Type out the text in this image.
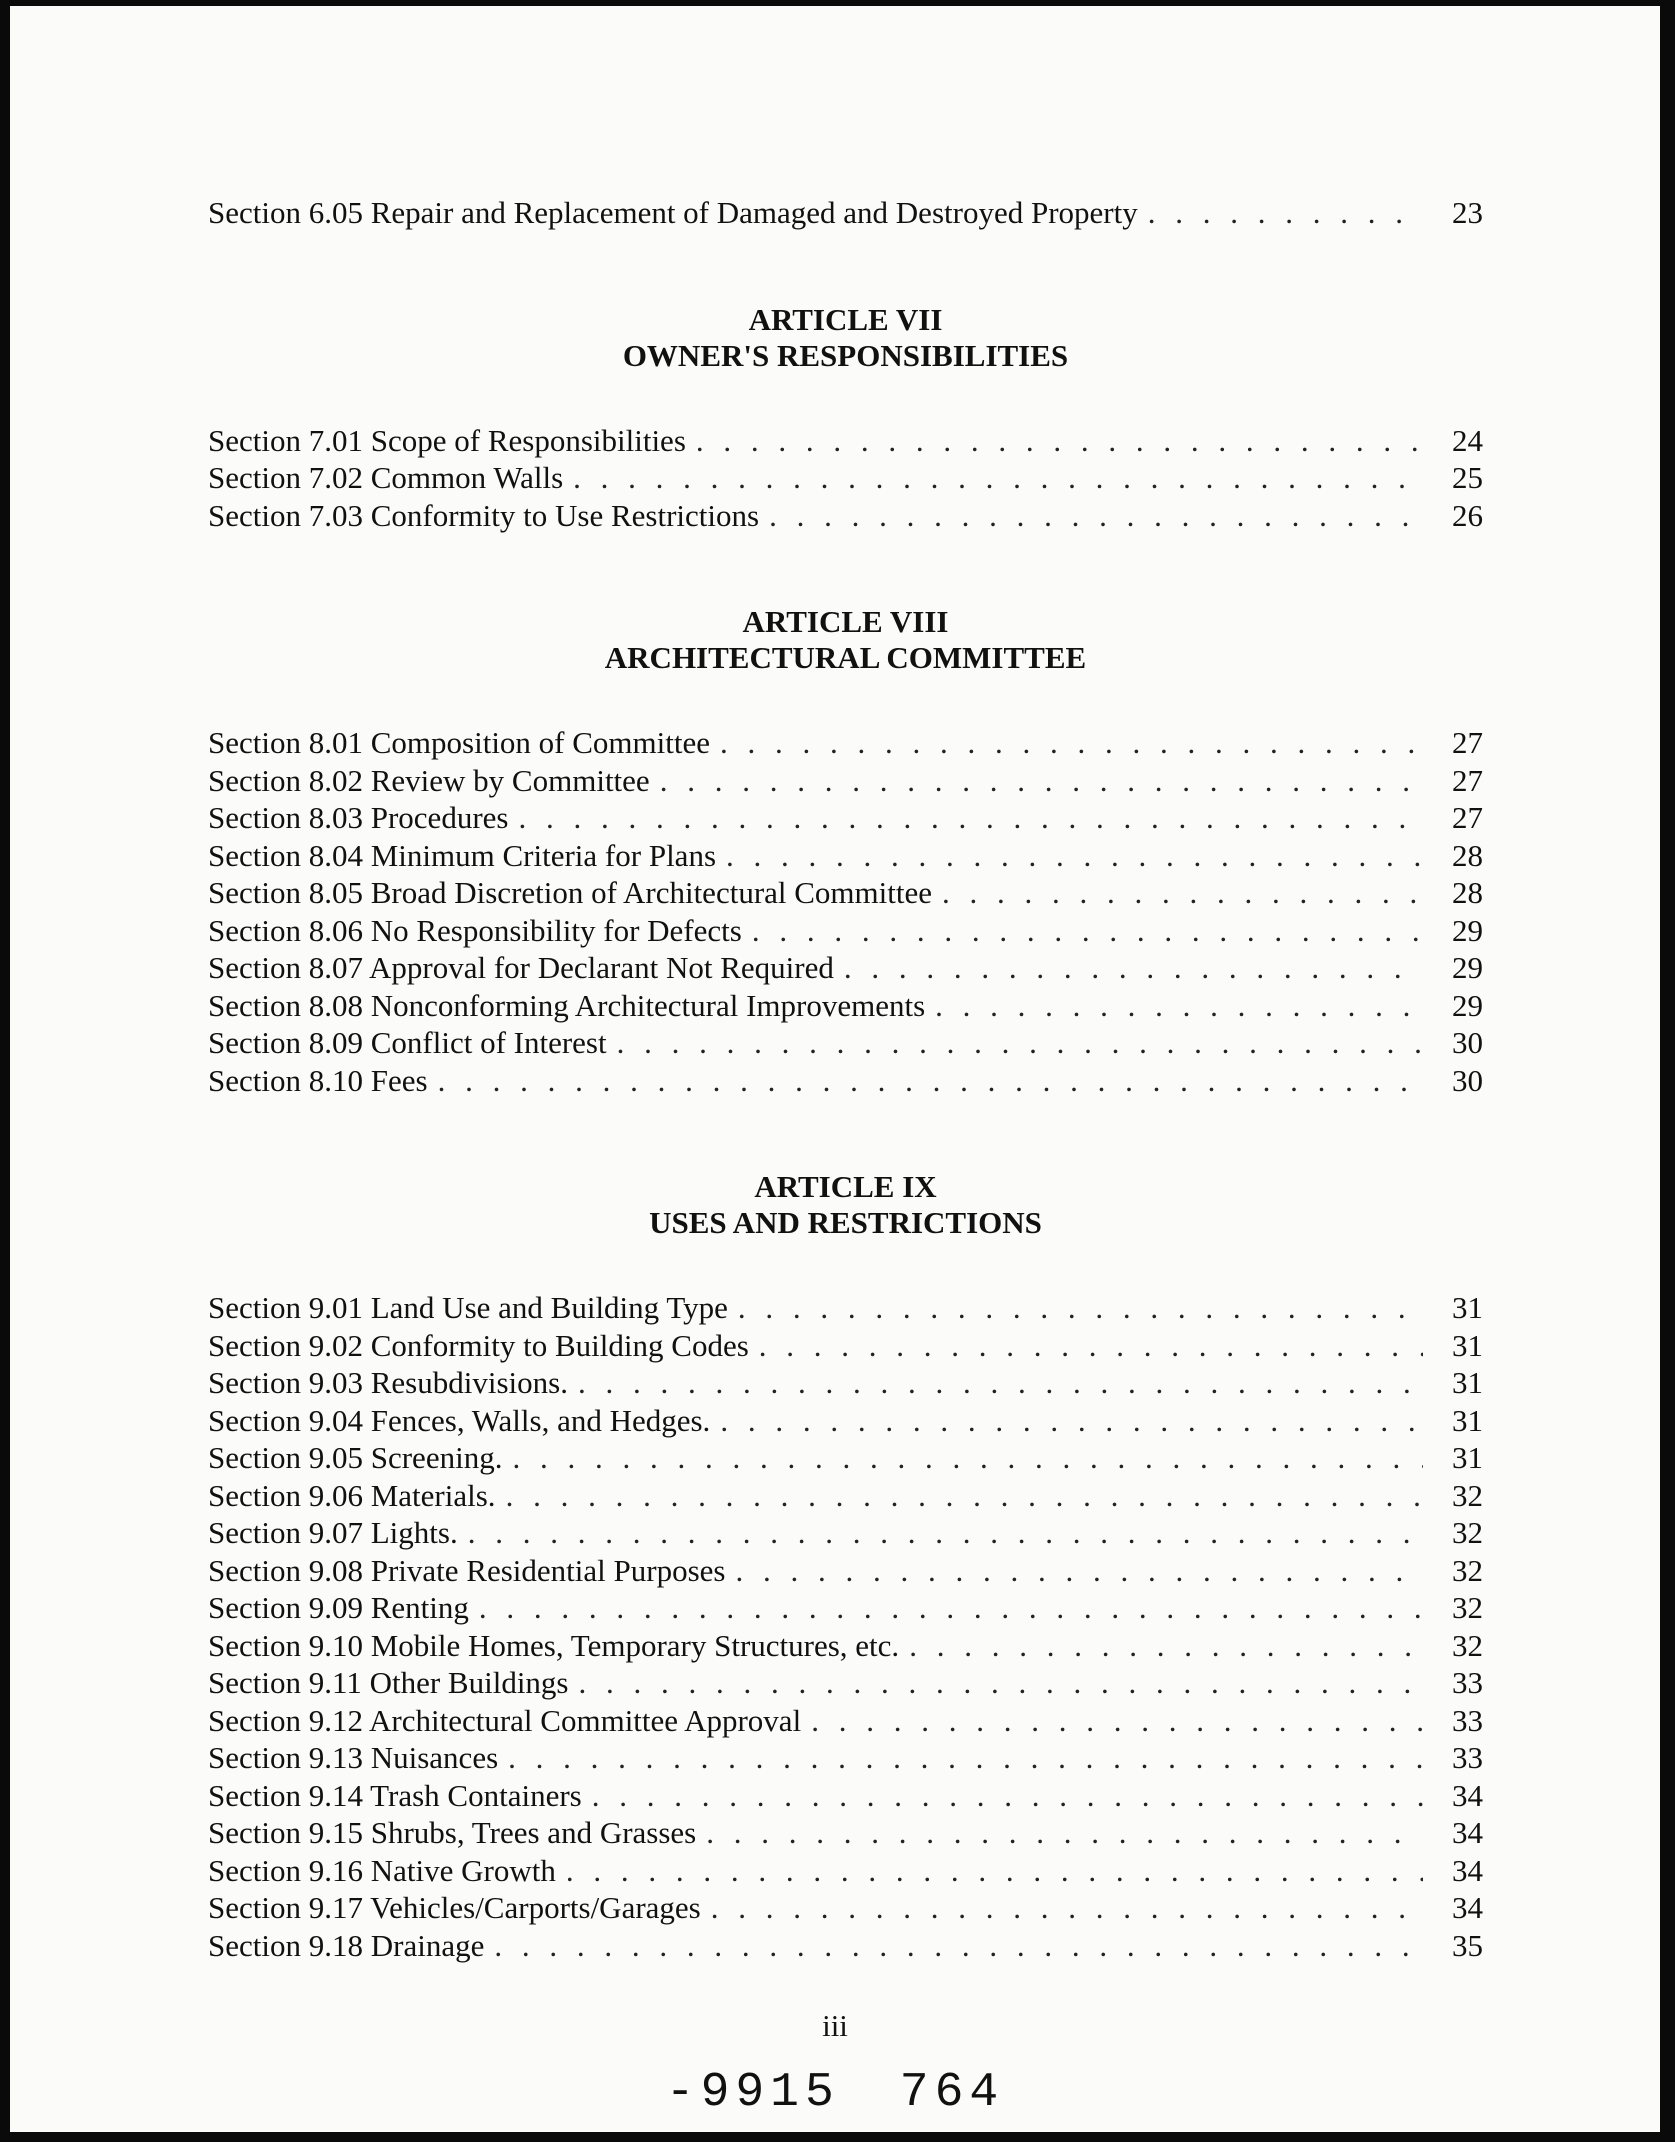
Section 6.05 Repair and Replacement of Damaged and Destroyed Property . . .	23
ARTICLE VII
OWNER'S RESPONSIBILITIES
Section 7.01 Scope of Responsibilities . . .	24
Section 7.02 Common Walls . . .	25
Section 7.03 Conformity to Use Restrictions . . .	26
ARTICLE VIII
ARCHITECTURAL COMMITTEE
Section 8.01 Composition of Committee . . .	27
Section 8.02 Review by Committee . . .	27
Section 8.03 Procedures . . .	27
Section 8.04 Minimum Criteria for Plans . . .	28
Section 8.05 Broad Discretion of Architectural Committee . . .	28
Section 8.06 No Responsibility for Defects . . .	29
Section 8.07 Approval for Declarant Not Required . . .	29
Section 8.08 Nonconforming Architectural Improvements . . .	29
Section 8.09 Conflict of Interest . . .	30
Section 8.10 Fees . . .	30
ARTICLE IX
USES AND RESTRICTIONS
Section 9.01 Land Use and Building Type . . .	31
Section 9.02 Conformity to Building Codes . . .	31
Section 9.03 Resubdivisions. . . .	31
Section 9.04 Fences, Walls, and Hedges. . . .	31
Section 9.05 Screening. . . .	31
Section 9.06 Materials. . . .	32
Section 9.07 Lights. . . .	32
Section 9.08 Private Residential Purposes . . .	32
Section 9.09 Renting . . .	32
Section 9.10 Mobile Homes, Temporary Structures, etc. . . .	32
Section 9.11 Other Buildings . . .	33
Section 9.12 Architectural Committee Approval . . .	33
Section 9.13 Nuisances . . .	33
Section 9.14 Trash Containers . . .	34
Section 9.15 Shrubs, Trees and Grasses . . .	34
Section 9.16 Native Growth . . .	34
Section 9.17 Vehicles/Carports/Garages . . .	34
Section 9.18 Drainage . . .	35
iii
-9915 764
